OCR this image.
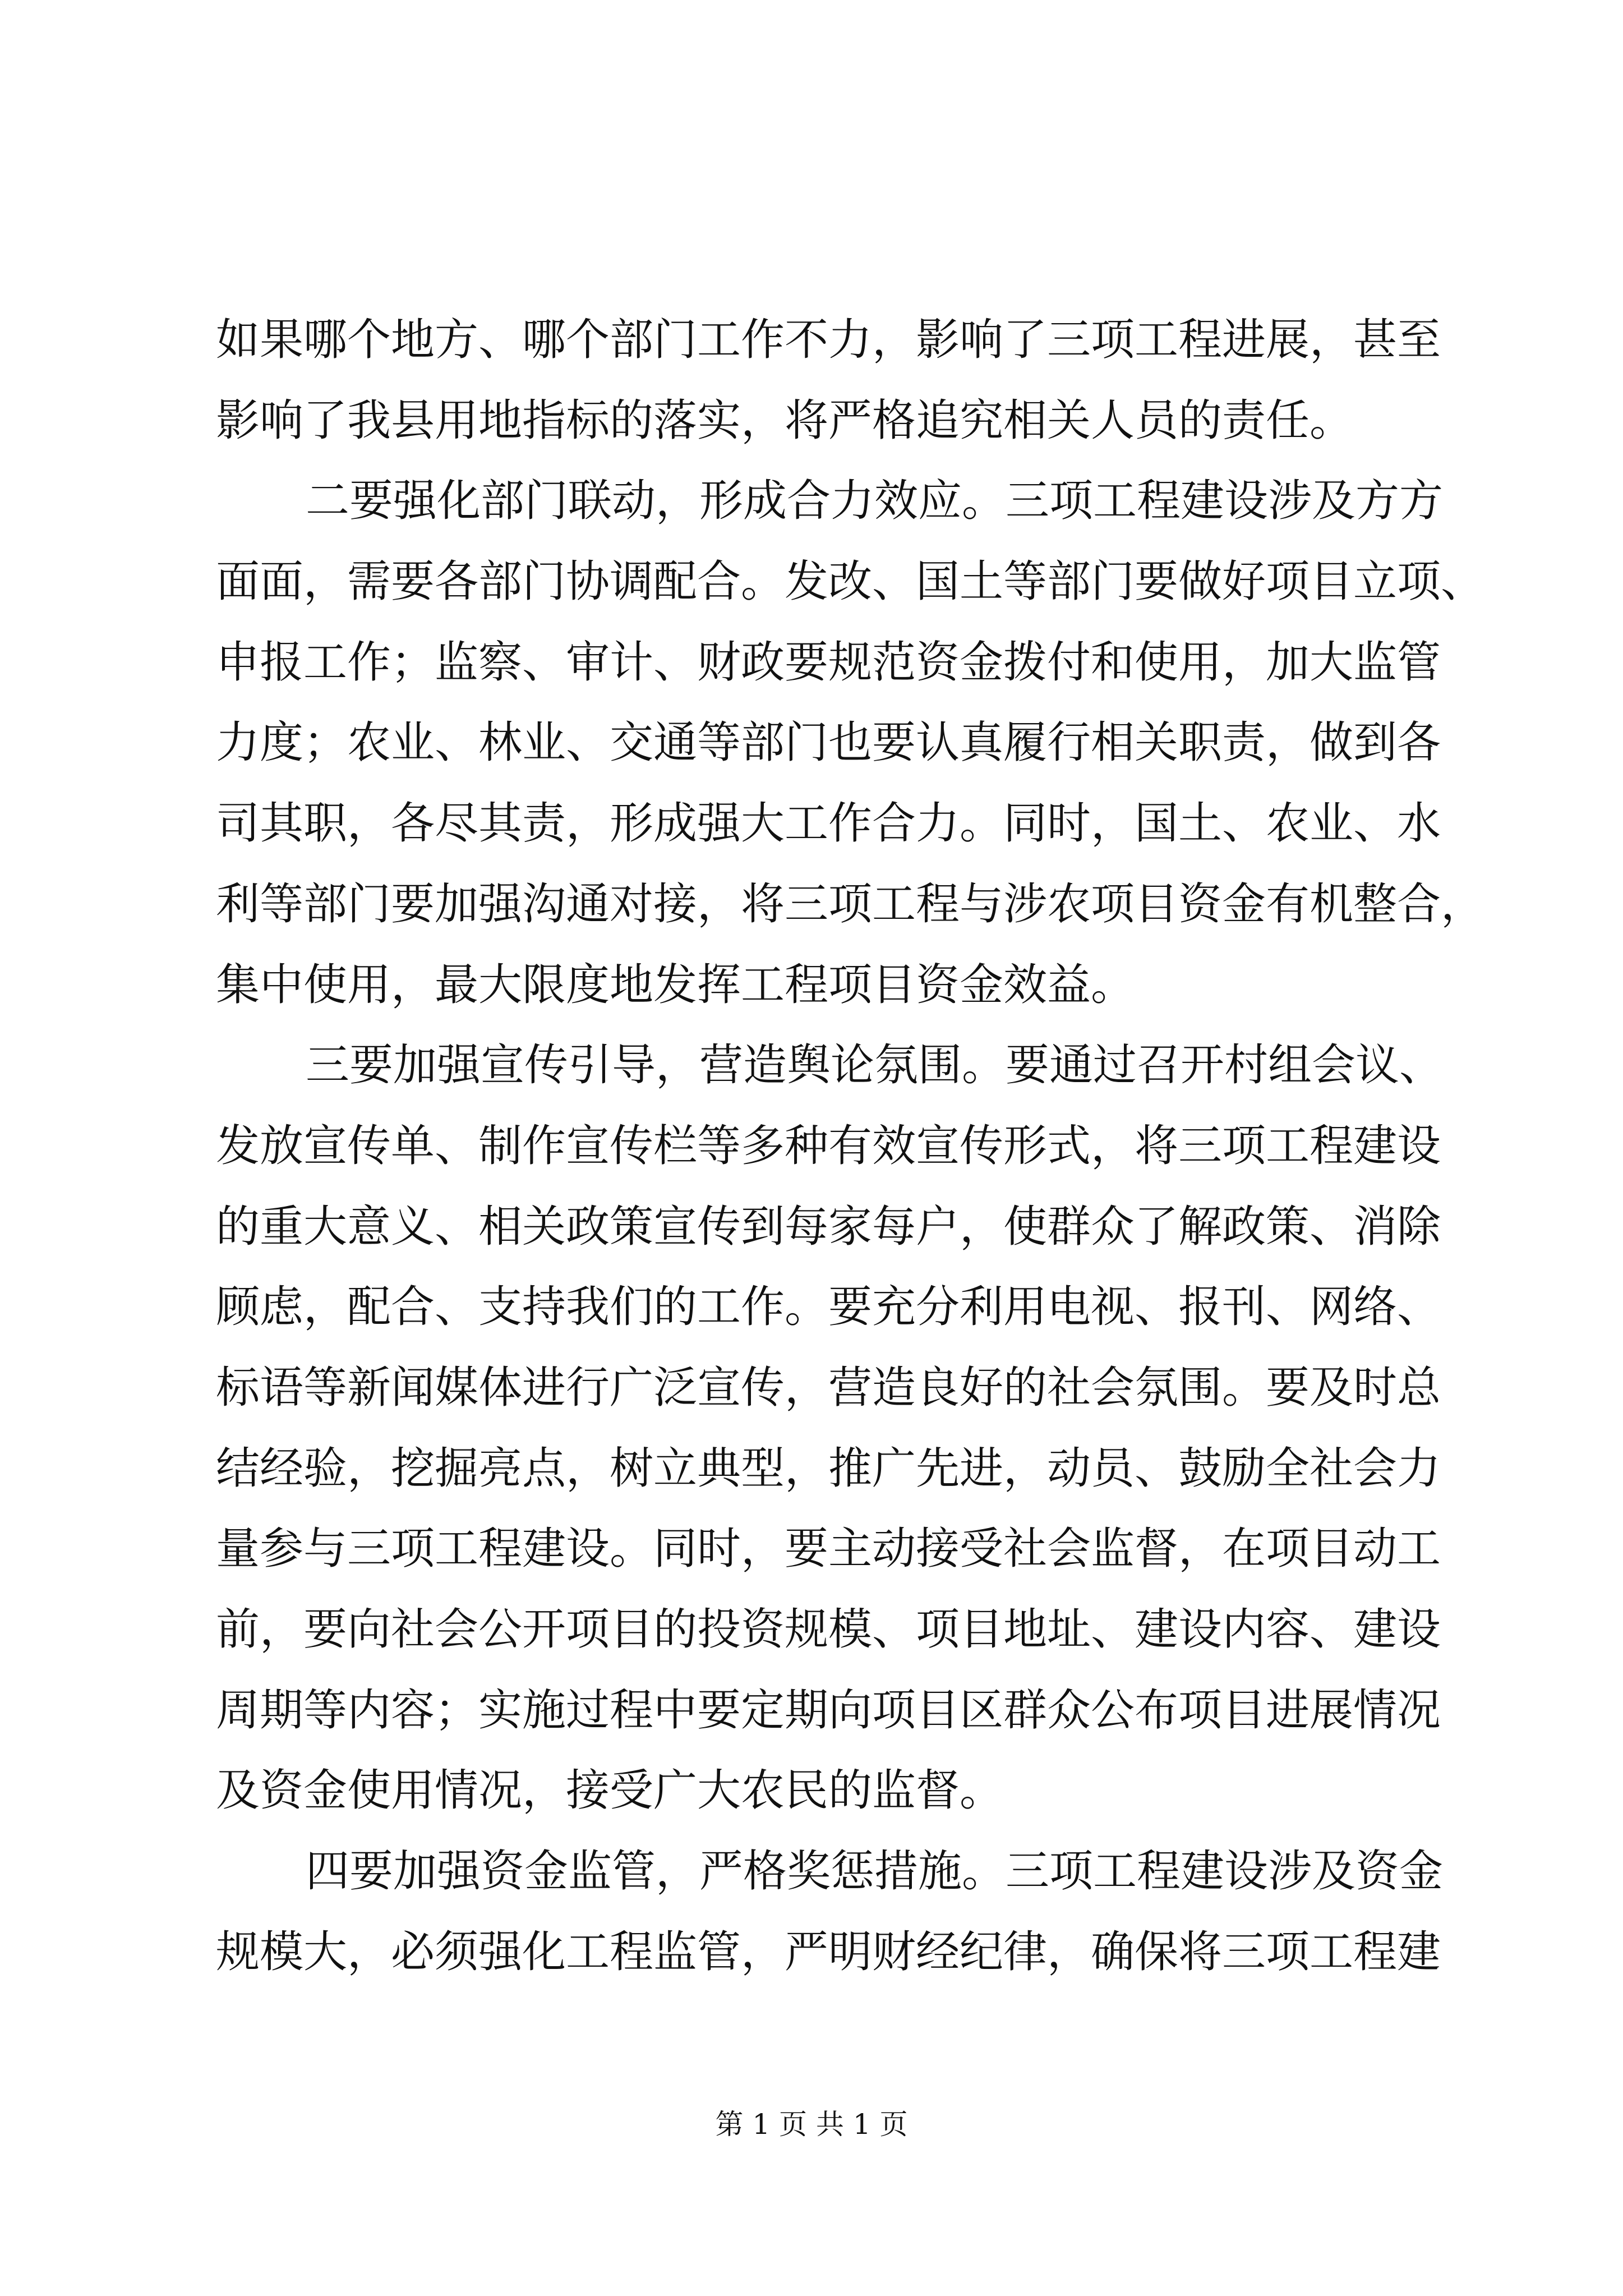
如果哪个地方、哪个部门工作不力，影响了三项工程进展，甚至
影响了我县用地指标的落实，将严格追究相关人员的责任。
二要强化部门联动，形成合力效应。三项工程建设涉及方方
面面，需要各部门协调配合。发改、国土等部门要做好项目立项、
申报工作；监察、审计、财政要规范资金拨付和使用，加大监管
力度；农业、林业、交通等部门也要认真履行相关职责，做到各
司其职，各尽其责，形成强大工作合力。同时，国土、农业、水
利等部门要加强沟通对接，将三项工程与涉农项目资金有机整合，
集中使用，最大限度地发挥工程项目资金效益。
三要加强宣传引导，营造舆论氛围。要通过召开村组会议、
发放宣传单、制作宣传栏等多种有效宣传形式，将三项工程建设
的重大意义、相关政策宣传到每家每户，使群众了解政策、消除
顾虑，配合、支持我们的工作。要充分利用电视、报刊、网络、
标语等新闻媒体进行广泛宣传，营造良好的社会氛围。要及时总
结经验，挖掘亮点，树立典型，推广先进，动员、鼓励全社会力
量参与三项工程建设。同时，要主动接受社会监督，在项目动工
前，要向社会公开项目的投资规模、项目地址、建设内容、建设
周期等内容；实施过程中要定期向项目区群众公布项目进展情况
及资金使用情况，接受广大农民的监督。
四要加强资金监管，严格奖惩措施。三项工程建设涉及资金
规模大，必须强化工程监管，严明财经纪律，确保将三项工程建
第 1 页 共 1 页
